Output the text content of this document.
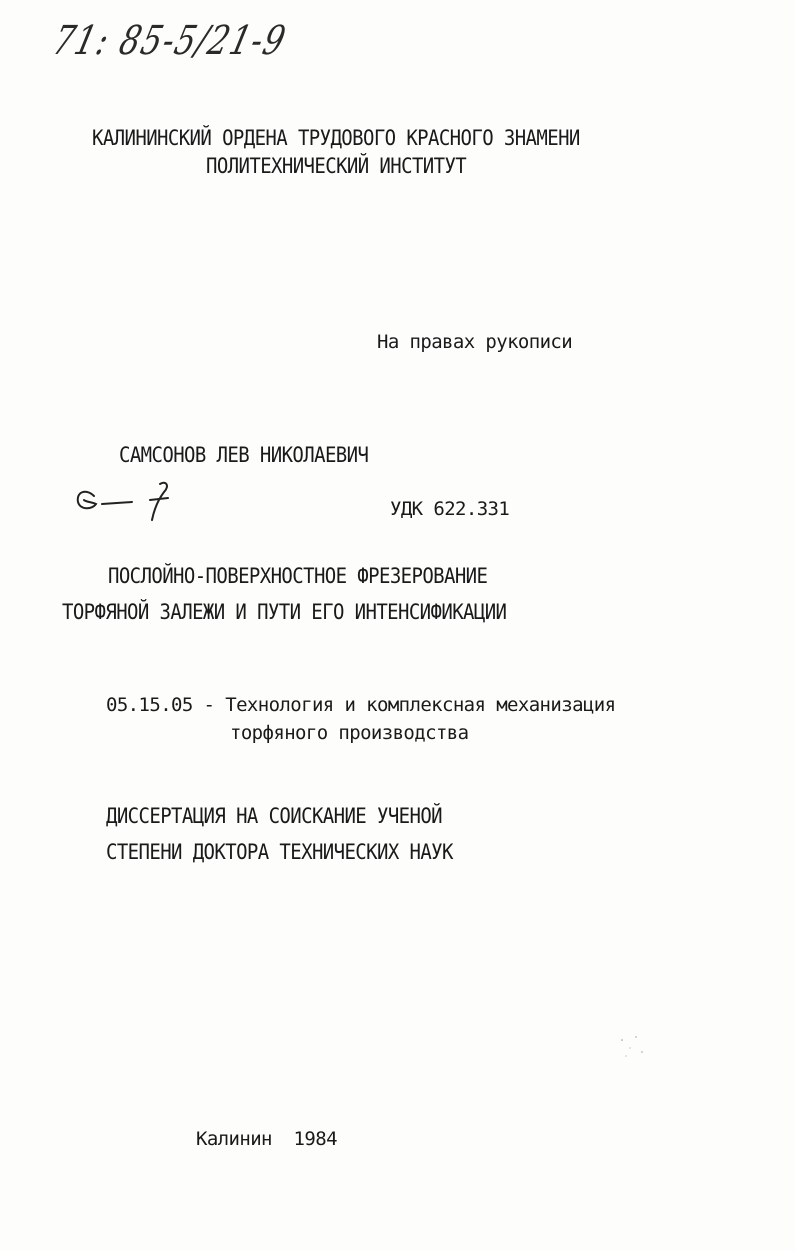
71: 85-5/21-9
КАЛИНИНСКИЙ ОРДЕНА ТРУДОВОГО КРАСНОГО ЗНАМЕНИ
ПОЛИТЕХНИЧЕСКИЙ ИНСТИТУТ
На правах рукописи
САМСОНОВ ЛЕВ НИКОЛАЕВИЧ
УДК 622.331
ПОСЛОЙНО-ПОВЕРХНОСТНОЕ ФРЕЗЕРОВАНИЕ
ТОРФЯНОЙ ЗАЛЕЖИ И ПУТИ ЕГО ИНТЕНСИФИКАЦИИ
05.15.05 - Технология и комплексная механизация
торфяного производства
ДИССЕРТАЦИЯ НА СОИСКАНИЕ УЧЕНОЙ
СТЕПЕНИ ДОКТОРА ТЕХНИЧЕСКИХ НАУК
Калинин  1984
